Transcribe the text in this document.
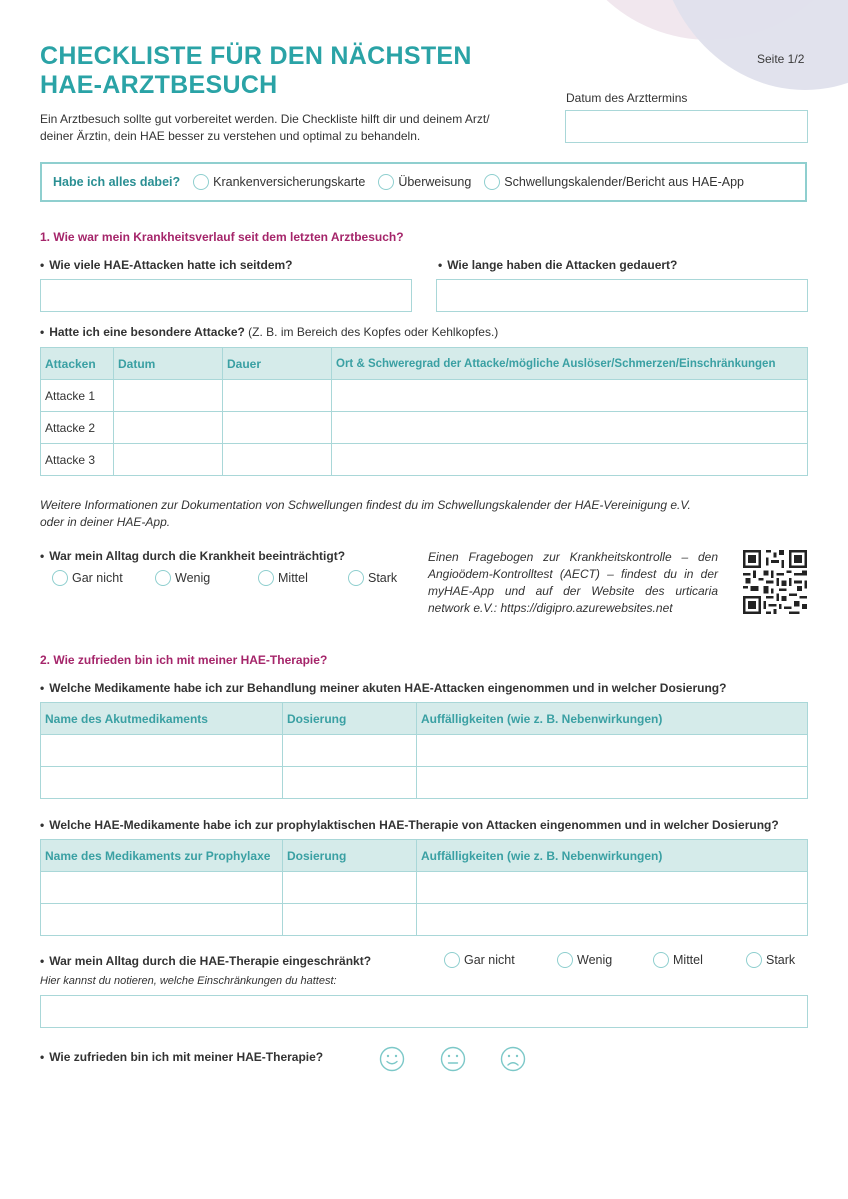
CHECKLISTE FÜR DEN NÄCHSTEN
HAE-ARZTBESUCH
Seite 1/2

Ein Arztbesuch sollte gut vorbereitet werden. Die Checkliste hilft dir und deinem Arzt/
deiner Ärztin, dein HAE besser zu verstehen und optimal zu behandeln.

Datum des Arzttermins
Habe ich alles dabei?	Krankenversicherungskarte	Überweisung	Schwellungskalender/Bericht aus HAE-App
1. Wie war mein Krankheitsverlauf seit dem letzten Arztbesuch?
• Wie viele HAE-Attacken hatte ich seitdem?	• Wie lange haben die Attacken gedauert?
• Hatte ich eine besondere Attacke? (Z. B. im Bereich des Kopfes oder Kehlkopfes.)
Attacken	Datum	Dauer	Ort & Schweregrad der Attacke/mögliche Auslöser/Schmerzen/Einschränkungen
Attacke 1			
Attacke 2			
Attacke 3			

Weitere Informationen zur Dokumentation von Schwellungen findest du im Schwellungskalender der HAE-Vereinigung e.V.
oder in deiner HAE-App.

• War mein Alltag durch die Krankheit beeinträchtigt?
Gar nicht	Wenig	Mittel	Stark

Einen Fragebogen zur Krankheitskontrolle – den Angioödem-Kontrolltest (AECT) – findest du in der myHAE-App und auf der Website des urticaria network e.V.: https://digipro.azurewebsites.net

2. Wie zufrieden bin ich mit meiner HAE-Therapie?
• Welche Medikamente habe ich zur Behandlung meiner akuten HAE-Attacken eingenommen und in welcher Dosierung?
Name des Akutmedikaments	Dosierung	Auffälligkeiten (wie z. B. Nebenwirkungen)

• Welche HAE-Medikamente habe ich zur prophylaktischen HAE-Therapie von Attacken eingenommen und in welcher Dosierung?
Name des Medikaments zur Prophylaxe	Dosierung	Auffälligkeiten (wie z. B. Nebenwirkungen)

• War mein Alltag durch die HAE-Therapie eingeschränkt?	Gar nicht	Wenig	Mittel	Stark
Hier kannst du notieren, welche Einschränkungen du hattest:
• Wie zufrieden bin ich mit meiner HAE-Therapie?
